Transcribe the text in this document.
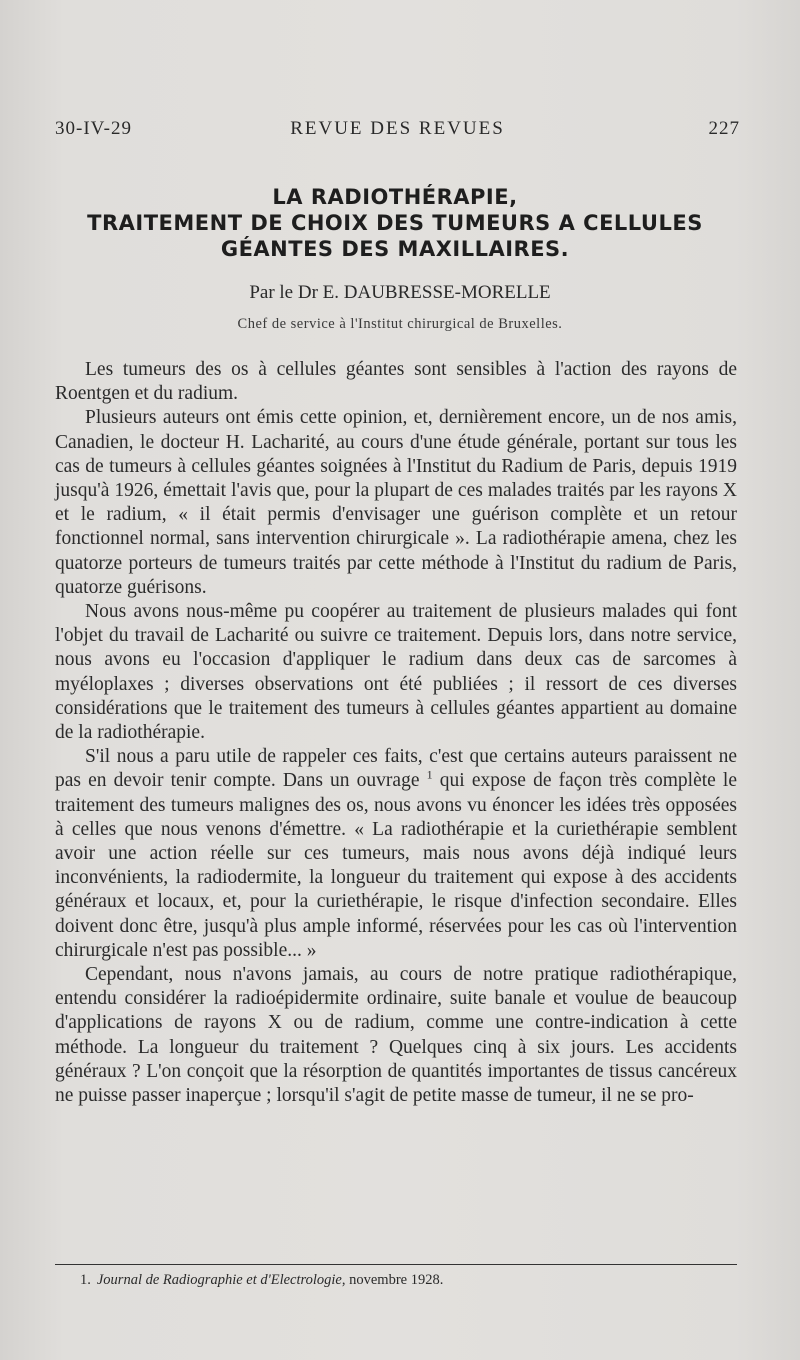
30-IV-29	REVUE DES REVUES	227
LA RADIOTHÉRAPIE,
TRAITEMENT DE CHOIX DES TUMEURS A CELLULES
GÉANTES DES MAXILLAIRES.
Par le Dr E. DAUBRESSE-MORELLE
Chef de service à l'Institut chirurgical de Bruxelles.

Les tumeurs des os à cellules géantes sont sensibles à l'action des rayons de Roentgen et du radium.

Plusieurs auteurs ont émis cette opinion, et, dernièrement encore, un de nos amis, Canadien, le docteur H. Lacharité, au cours d'une étude générale, portant sur tous les cas de tumeurs à cellules géantes soignées à l'Institut du Radium de Paris, depuis 1919 jusqu'à 1926, émettait l'avis que, pour la plupart de ces malades traités par les rayons X et le radium, « il était permis d'envisager une guérison complète et un retour fonctionnel normal, sans intervention chirurgicale ». La radiothérapie amena, chez les quatorze porteurs de tumeurs traités par cette méthode à l'Institut du radium de Paris, quatorze guérisons.

Nous avons nous-même pu coopérer au traitement de plusieurs malades qui font l'objet du travail de Lacharité ou suivre ce traitement. Depuis lors, dans notre service, nous avons eu l'occasion d'appliquer le radium dans deux cas de sarcomes à myéloplaxes ; diverses observations ont été publiées ; il ressort de ces diverses considérations que le traitement des tumeurs à cellules géantes appartient au domaine de la radiothérapie.

S'il nous a paru utile de rappeler ces faits, c'est que certains auteurs paraissent ne pas en devoir tenir compte. Dans un ouvrage $^1$ qui expose de façon très complète le traitement des tumeurs malignes des os, nous avons vu énoncer les idées très opposées à celles que nous venons d'émettre. « La radiothérapie et la curiethérapie semblent avoir une action réelle sur ces tumeurs, mais nous avons déjà indiqué leurs inconvénients, la radiodermite, la longueur du traitement qui expose à des accidents généraux et locaux, et, pour la curiethérapie, le risque d'infection secondaire. Elles doivent donc être, jusqu'à plus ample informé, réservées pour les cas où l'intervention chirurgicale n'est pas possible... »

Cependant, nous n'avons jamais, au cours de notre pratique radiothérapique, entendu considérer la radioépidermite ordinaire, suite banale et voulue de beaucoup d'applications de rayons X ou de radium, comme une contre-indication à cette méthode. La longueur du traitement ? Quelques cinq à six jours. Les accidents généraux ? L'on conçoit que la résorption de quantités importantes de tissus cancéreux ne puisse passer inaperçue ; lorsqu'il s'agit de petite masse de tumeur, il ne se pro-

1. Journal de Radiographie et d'Electrologie, novembre 1928.
